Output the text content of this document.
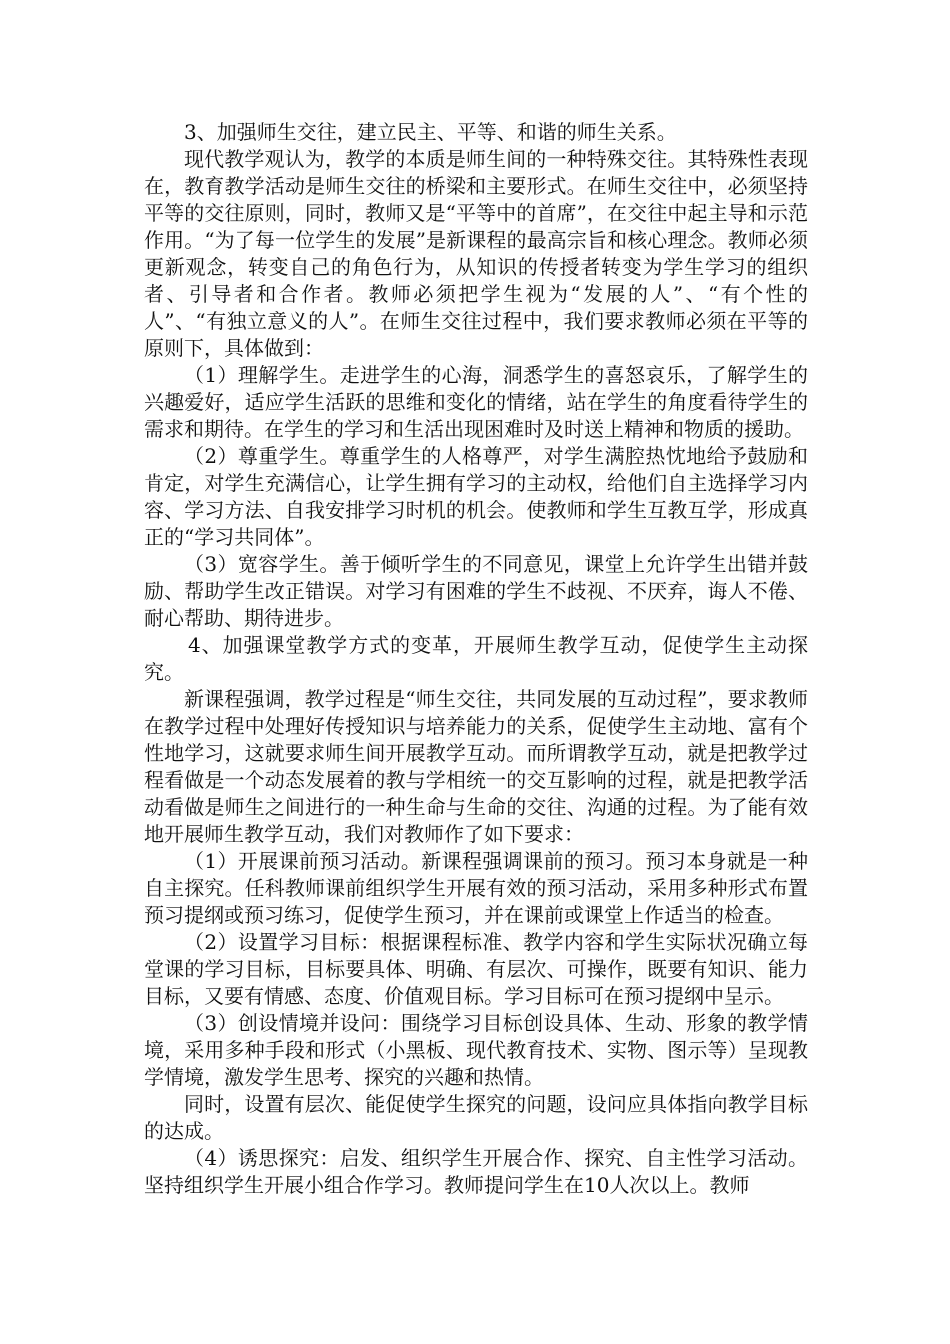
3、加强师生交往，建立民主、平等、和谐的师生关系。

现代教学观认为，教学的本质是师生间的一种特殊交往。其特殊性表现在，教育教学活动是师生交往的桥梁和主要形式。在师生交往中，必须坚持平等的交往原则，同时，教师又是“平等中的首席”，在交往中起主导和示范作用。“为了每一位学生的发展”是新课程的最高宗旨和核心理念。教师必须更新观念，转变自己的角色行为，从知识的传授者转变为学生学习的组织者、引导者和合作者。教师必须把学生视为“发展的人”、“有个性的人”、“有独立意义的人”。在师生交往过程中，我们要求教师必须在平等的原则下，具体做到：

（1）理解学生。走进学生的心海，洞悉学生的喜怒哀乐，了解学生的兴趣爱好，适应学生活跃的思维和变化的情绪，站在学生的角度看待学生的需求和期待。在学生的学习和生活出现困难时及时送上精神和物质的援助。

（2）尊重学生。尊重学生的人格尊严，对学生满腔热忱地给予鼓励和肯定，对学生充满信心，让学生拥有学习的主动权，给他们自主选择学习内容、学习方法、自我安排学习时机的机会。使教师和学生互教互学，形成真正的“学习共同体”。

（3）宽容学生。善于倾听学生的不同意见，课堂上允许学生出错并鼓励、帮助学生改正错误。对学习有困难的学生不歧视、不厌弃，诲人不倦、耐心帮助、期待进步。

4、加强课堂教学方式的变革，开展师生教学互动，促使学生主动探究。

新课程强调，教学过程是“师生交往，共同发展的互动过程”，要求教师在教学过程中处理好传授知识与培养能力的关系，促使学生主动地、富有个性地学习，这就要求师生间开展教学互动。而所谓教学互动，就是把教学过程看做是一个动态发展着的教与学相统一的交互影响的过程，就是把教学活动看做是师生之间进行的一种生命与生命的交往、沟通的过程。为了能有效地开展师生教学互动，我们对教师作了如下要求：

（1）开展课前预习活动。新课程强调课前的预习。预习本身就是一种自主探究。任科教师课前组织学生开展有效的预习活动，采用多种形式布置预习提纲或预习练习，促使学生预习，并在课前或课堂上作适当的检查。

（2）设置学习目标：根据课程标准、教学内容和学生实际状况确立每堂课的学习目标，目标要具体、明确、有层次、可操作，既要有知识、能力目标，又要有情感、态度、价值观目标。学习目标可在预习提纲中呈示。

（3）创设情境并设问：围绕学习目标创设具体、生动、形象的教学情境，采用多种手段和形式（小黑板、现代教育技术、实物、图示等）呈现教学情境，激发学生思考、探究的兴趣和热情。

同时，设置有层次、能促使学生探究的问题，设问应具体指向教学目标的达成。

（4）诱思探究：启发、组织学生开展合作、探究、自主性学习活动。坚持组织学生开展小组合作学习。教师提问学生在10人次以上。教师
